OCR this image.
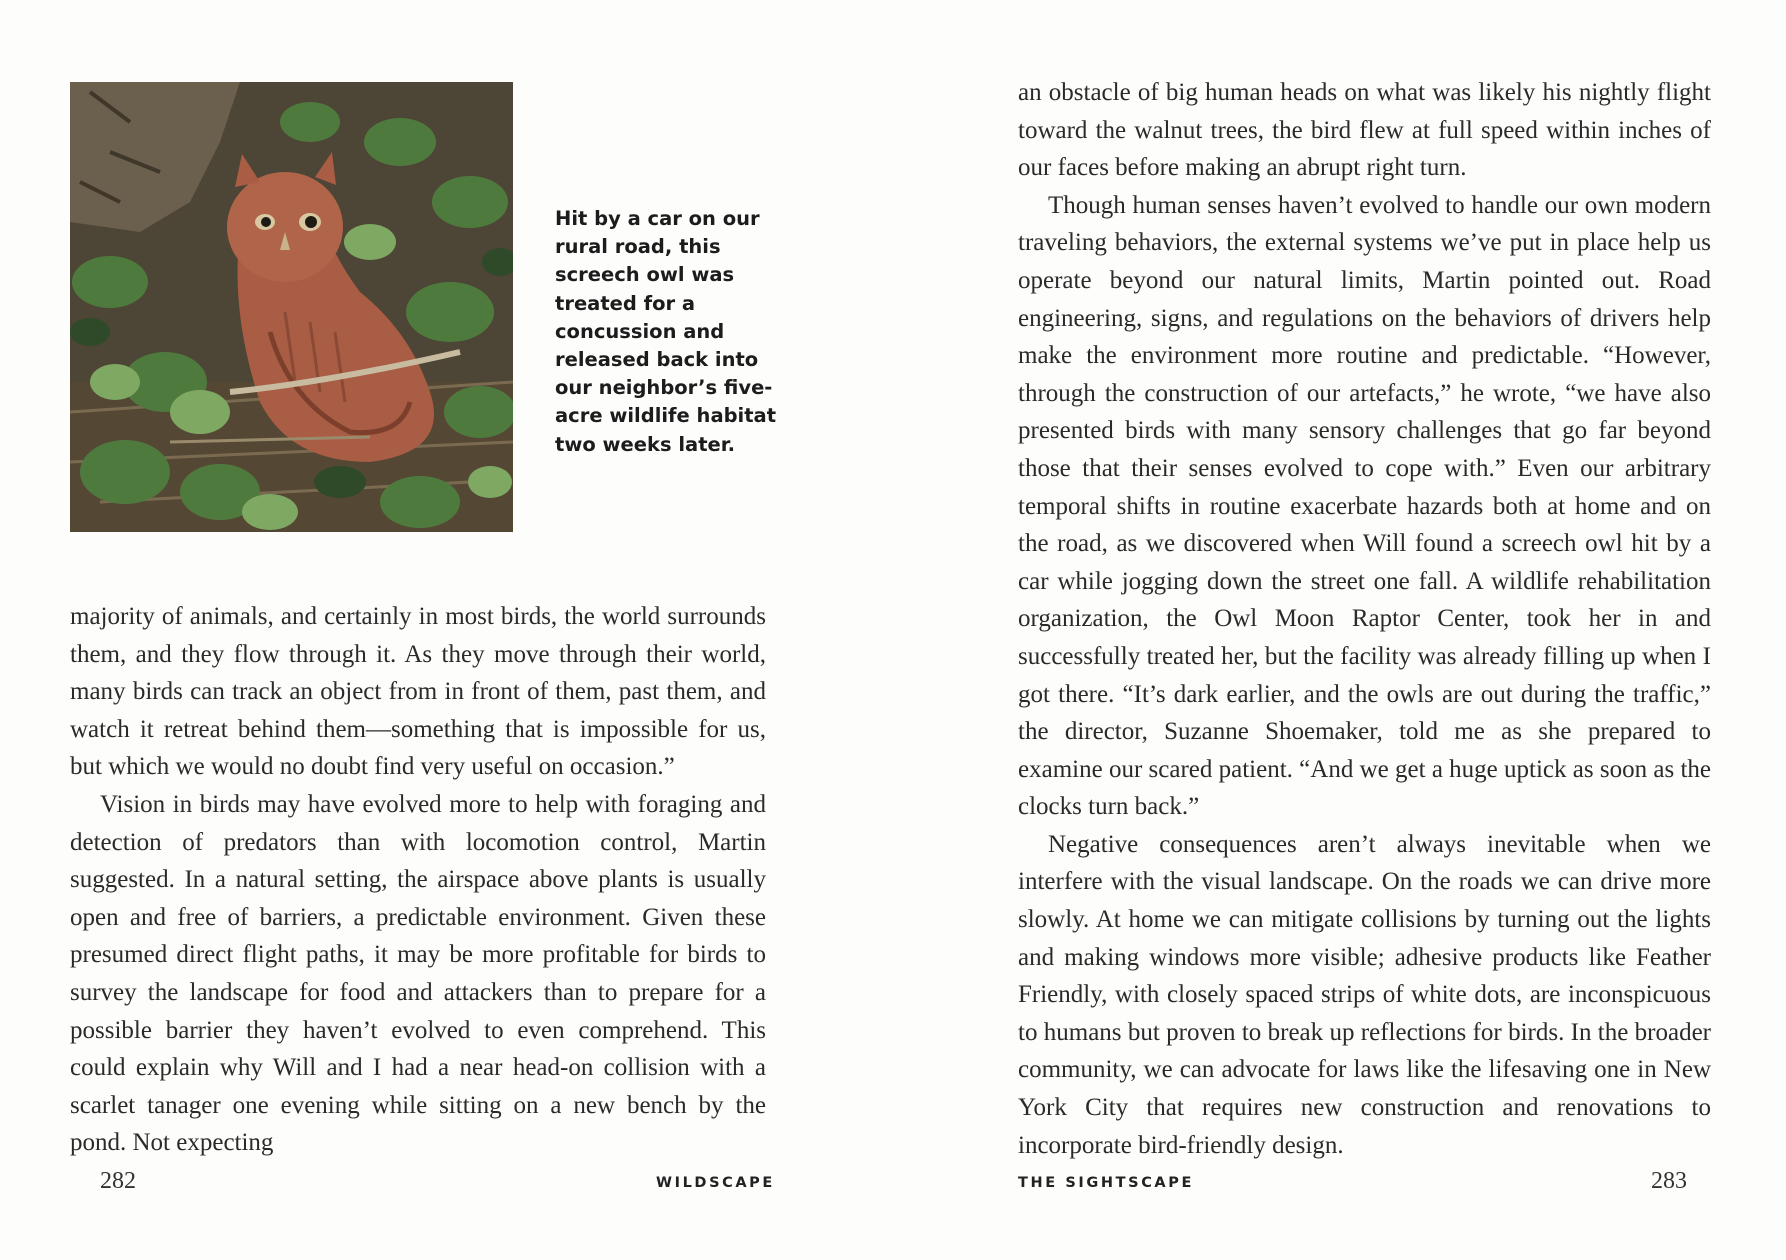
Hit by a car on our rural road, this screech owl was treated for a concussion and released back into our neighbor’s five-acre wildlife habitat two weeks later.

majority of animals, and certainly in most birds, the world surrounds them, and they flow through it. As they move through their world, many birds can track an object from in front of them, past them, and watch it retreat behind them—something that is impossible for us, but which we would no doubt find very useful on occasion.”

Vision in birds may have evolved more to help with foraging and detection of predators than with locomotion control, Martin suggested. In a natural setting, the airspace above plants is usually open and free of barriers, a predictable environment. Given these presumed direct flight paths, it may be more profitable for birds to survey the landscape for food and attackers than to prepare for a possible barrier they haven’t evolved to even comprehend. This could explain why Will and I had a near head-on collision with a scarlet tanager one evening while sitting on a new bench by the pond. Not expecting

282	WILDSCAPE

an obstacle of big human heads on what was likely his nightly flight toward the walnut trees, the bird flew at full speed within inches of our faces before making an abrupt right turn.

Though human senses haven’t evolved to handle our own modern traveling behaviors, the external systems we’ve put in place help us operate beyond our natural limits, Martin pointed out. Road engineering, signs, and regulations on the behaviors of drivers help make the environment more routine and predictable. “However, through the construction of our artefacts,” he wrote, “we have also presented birds with many sensory challenges that go far beyond those that their senses evolved to cope with.” Even our arbitrary temporal shifts in routine exacerbate hazards both at home and on the road, as we discovered when Will found a screech owl hit by a car while jogging down the street one fall. A wildlife rehabilitation organization, the Owl Moon Raptor Center, took her in and successfully treated her, but the facility was already filling up when I got there. “It’s dark earlier, and the owls are out during the traffic,” the director, Suzanne Shoemaker, told me as she prepared to examine our scared patient. “And we get a huge uptick as soon as the clocks turn back.”

Negative consequences aren’t always inevitable when we interfere with the visual landscape. On the roads we can drive more slowly. At home we can mitigate collisions by turning out the lights and making windows more visible; adhesive products like Feather Friendly, with closely spaced strips of white dots, are inconspicuous to humans but proven to break up reflections for birds. In the broader community, we can advocate for laws like the lifesaving one in New York City that requires new construction and renovations to incorporate bird-friendly design.

THE SIGHTSCAPE	283
